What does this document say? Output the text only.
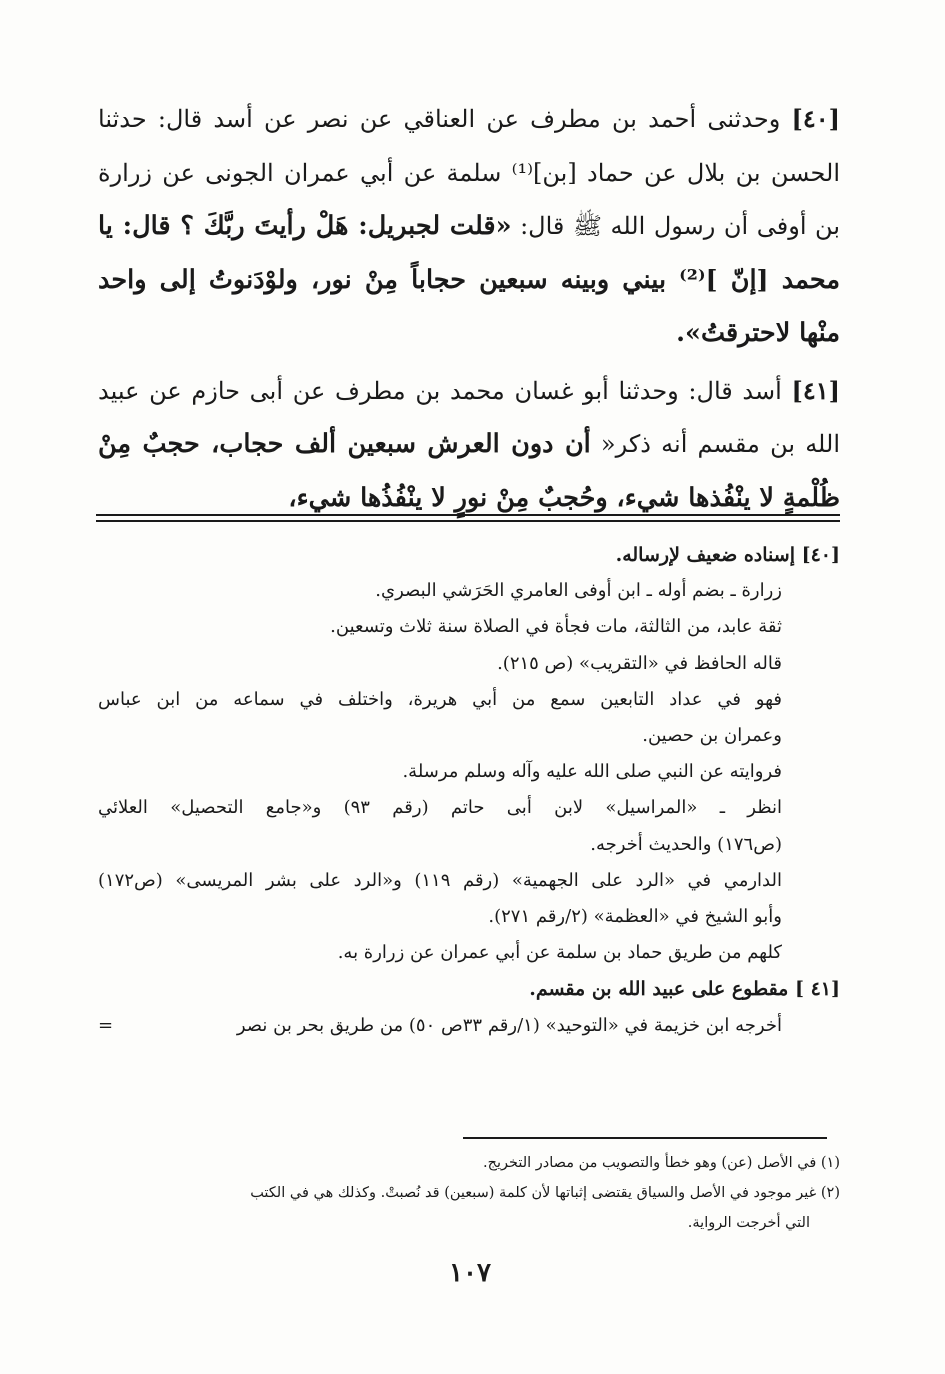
[٤٠] وحدثنى أحمد بن مطرف عن العناقي عن نصر عن أسد قال: حدثنا الحسن بن بلال عن حماد [بن]⁽¹⁾ سلمة عن أبي عمران الجونى عن زرارة بن أوفى أن رسول الله ﷺ قال: «قلت لجبريل: هَلْ رأيتَ ربَّكَ ؟ قال: يا محمد [إنّ ]⁽²⁾ بيني وبينه سبعين حجاباً مِنْ نور، ولوْدَنوتُ إلى واحد منْها لاحترقتُ».

[٤١] أسد قال: وحدثنا أبو غسان محمد بن مطرف عن أبى حازم عن عبيد الله بن مقسم أنه ذكر« أن دون العرش سبعين ألف حجاب، حجبٌ مِنْ ظُلْمةٍ لا ينْفُذها شيء، وحُجبٌ مِنْ نورٍ لا ينْفُذُها شيء،

[٤٠] إسناده ضعيف لإرساله.
زرارة ـ بضم أوله ـ ابن أوفى العامري الحَرَشي البصري.
ثقة عابد، من الثالثة، مات فجأة في الصلاة سنة ثلاث وتسعين.
قاله الحافظ في «التقريب» (ص ٢١٥).
فهو في عداد التابعين سمع من أبي هريرة، واختلف في سماعه من ابن عباس
وعمران بن حصين.
فروايته عن النبي صلى الله عليه وآله وسلم مرسلة.
انظر ـ «المراسيل» لابن أبى حاتم (رقم ٩٣) و«جامع التحصيل» العلائي
(ص١٧٦) والحديث أخرجه.
الدارمي في «الرد على الجهمية» (رقم ١١٩) و«الرد على بشر المريسى» (ص١٧٢)
وأبو الشيخ في «العظمة» (٢/رقم ٢٧١).
كلهم من طريق حماد بن سلمة عن أبي عمران عن زرارة به.
[٤١ ] مقطوع على عبيد الله بن مقسم.
أخرجه ابن خزيمة في «التوحيد» (١/رقم ٣٣ص ٥٠) من طريق بحر بن نصر
=
(١) في الأصل (عن) وهو خطأ والتصويب من مصادر التخريج.
(٢) غير موجود في الأصل والسياق يقتضى إثباتها لأن كلمة (سبعين) قد نُصبتْ. وكذلك هي في الكتب
التي أخرجت الرواية.
١٠٧
